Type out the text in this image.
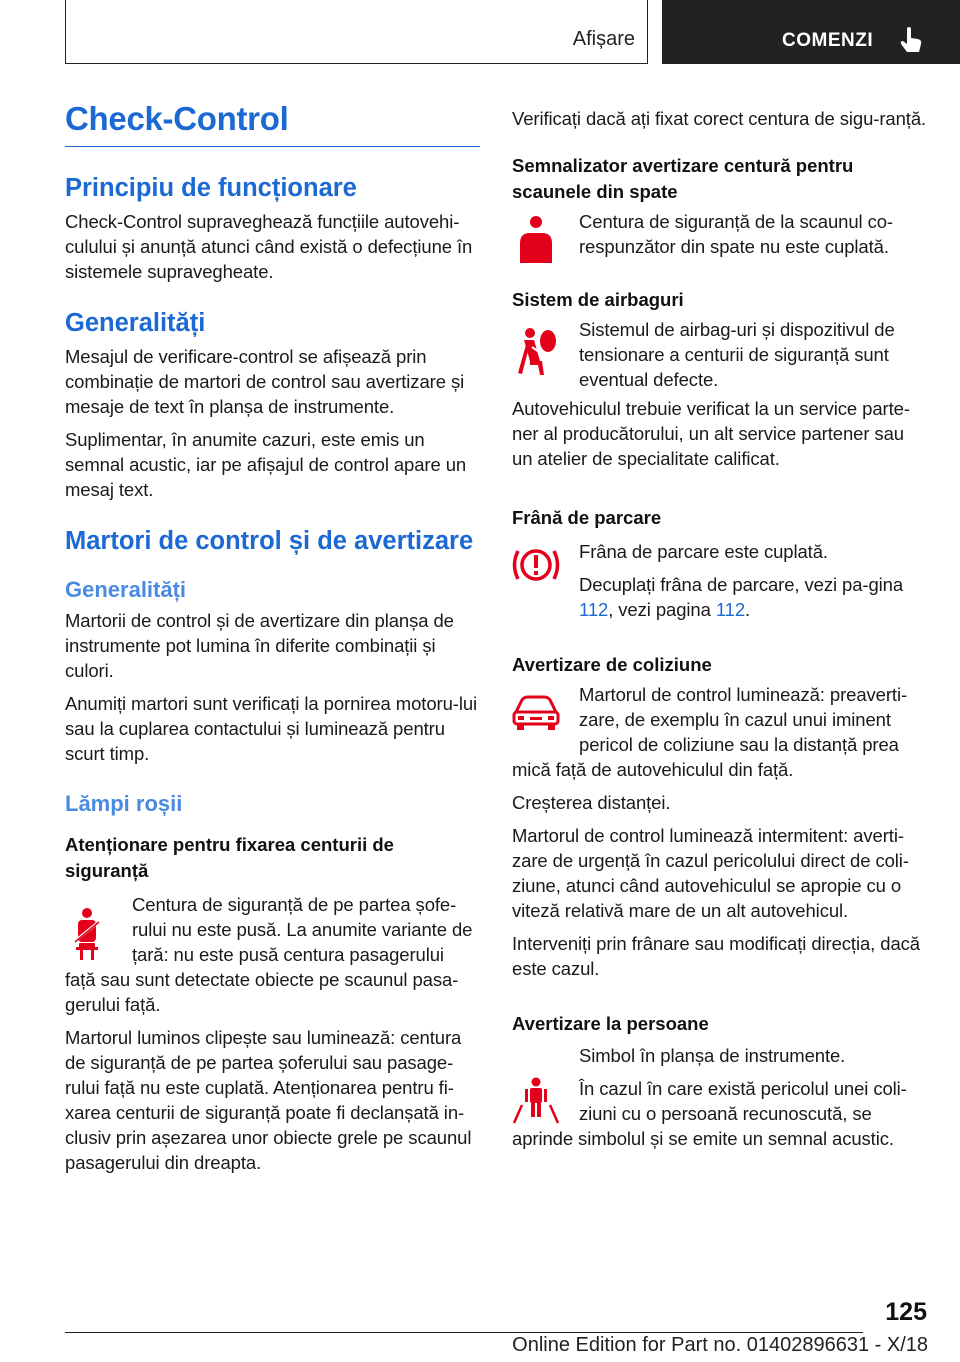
Afișare	COMENZI
Check-Control
Principiu de funcționare

Check-Control supraveghează funcțiile autovehi-culului și anunță atunci când există o defecțiune în sistemele supravegheate.

Generalități

Mesajul de verificare-control se afișează prin combinație de martori de control sau avertizare și mesaje de text în planșa de instrumente.

Suplimentar, în anumite cazuri, este emis un semnal acustic, iar pe afișajul de control apare un mesaj text.

Martori de control și de avertizare
Generalități

Martorii de control și de avertizare din planșa de instrumente pot lumina în diferite combinații și culori.

Anumiți martori sunt verificați la pornirea motoru-lui sau la cuplarea contactului și luminează pentru scurt timp.

Lămpi roșii
Atenționare pentru fixarea centurii de siguranță

Centura de siguranță de pe partea șofe-rului nu este pusă. La anumite variante de țară: nu este pusă centura pasagerului

față sau sunt detectate obiecte pe scaunul pasa-gerului față.

Martorul luminos clipește sau luminează: centura de siguranță de pe partea șoferului sau pasage-rului față nu este cuplată. Atenționarea pentru fi-xarea centurii de siguranță poate fi declanșată in-clusiv prin așezarea unor obiecte grele pe scaunul pasagerului din dreapta.

Verificați dacă ați fixat corect centura de sigu-ranță.

Semnalizator avertizare centură pentru scaunele din spate

Centura de siguranță de la scaunul co-respunzător din spate nu este cuplată.

Sistem de airbaguri

Sistemul de airbag-uri și dispozitivul de tensionare a centurii de siguranță sunt eventual defecte.

Autovehiculul trebuie verificat la un service parte-ner al producătorului, un alt service partener sau un atelier de specialitate calificat.

Frână de parcare

Frâna de parcare este cuplată.

Decuplați frâna de parcare, vezi pa-gina 112, vezi pagina 112.

Avertizare de coliziune

Martorul de control luminează: preaverti-zare, de exemplu în cazul unui iminent pericol de coliziune sau la distanță prea

mică față de autovehiculul din față.

Creșterea distanței.

Martorul de control luminează intermitent: averti-zare de urgență în cazul pericolului direct de coli-ziune, atunci când autovehiculul se apropie cu o viteză relativă mare de un alt autovehicul.

Interveniți prin frânare sau modificați direcția, dacă este cazul.

Avertizare la persoane

Simbol în planșa de instrumente.

În cazul în care există pericolul unei coli-ziuni cu o persoană recunoscută, se

aprinde simbolul și se emite un semnal acustic.

125
Online Edition for Part no. 01402896631 - X/18
